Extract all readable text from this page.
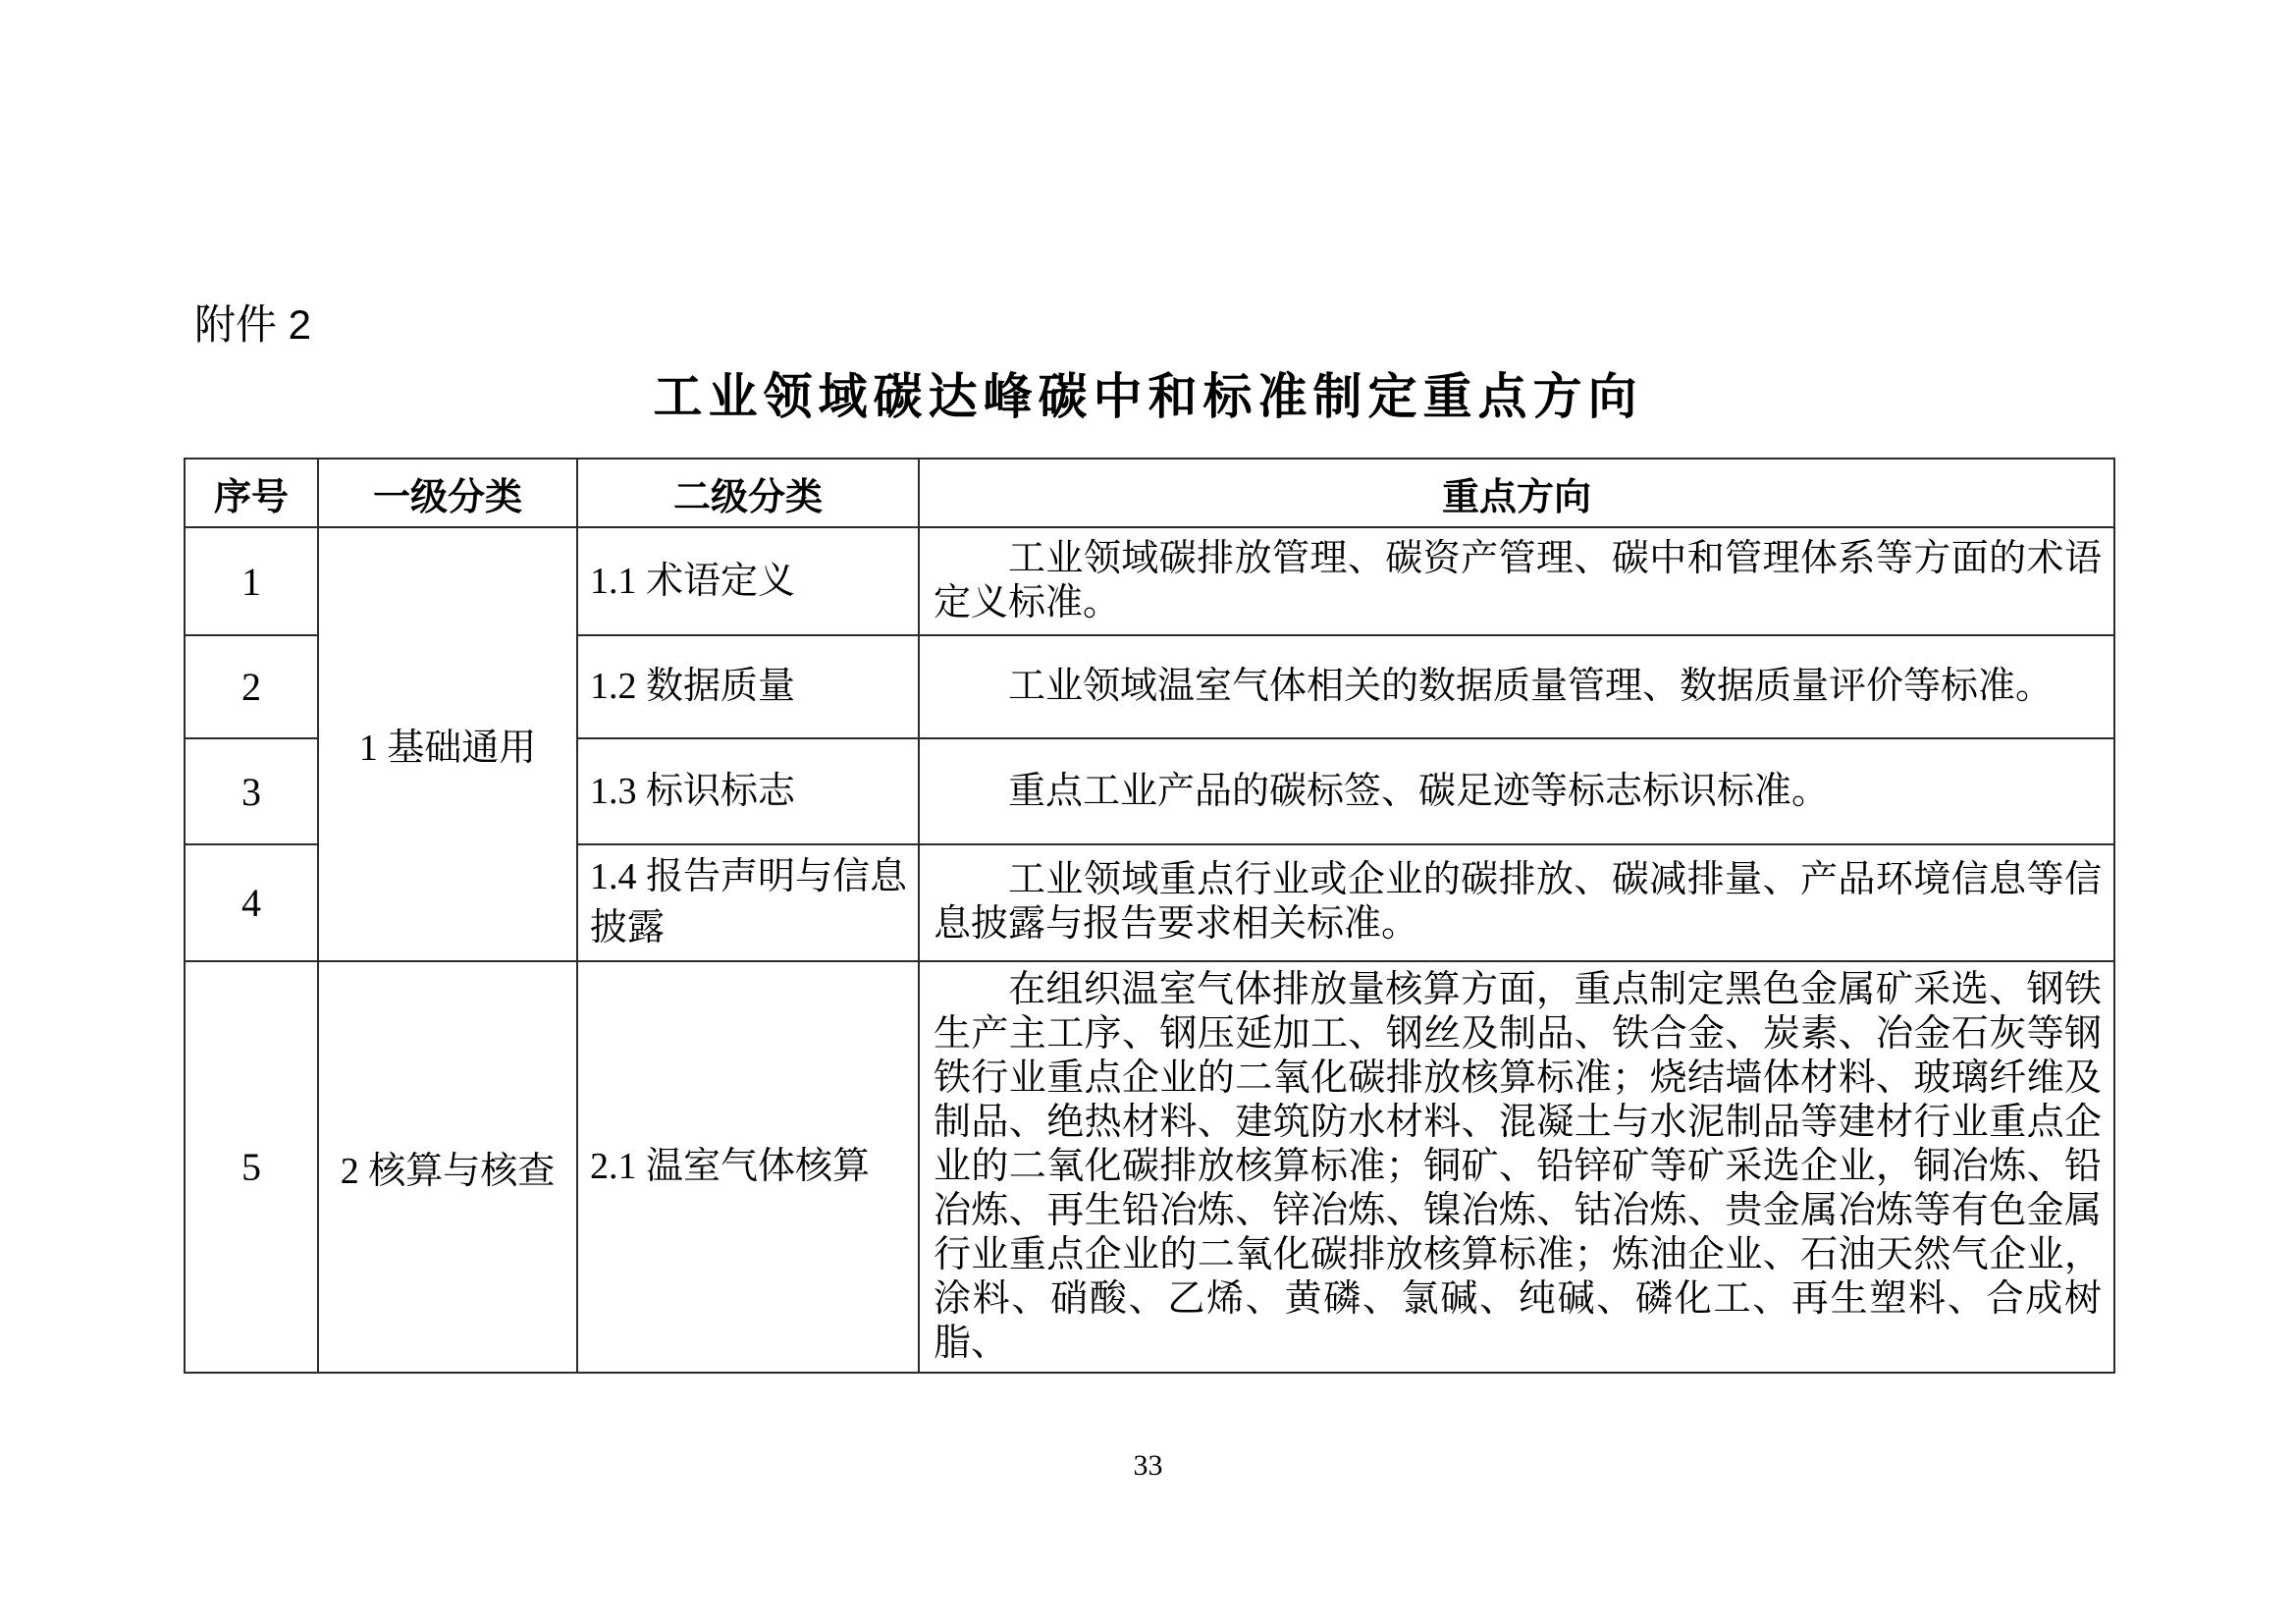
附件 2
工业领域碳达峰碳中和标准制定重点方向
序号	一级分类	二级分类	重点方向
1	1 基础通用	1.1 术语定义	工业领域碳排放管理、碳资产管理、碳中和管理体系等方面的术语定义标准。

2		1.2 数据质量	工业领域温室气体相关的数据质量管理、数据质量评价等标准。

3		1.3 标识标志	重点工业产品的碳标签、碳足迹等标志标识标准。

4		1.4 报告声明与信息披露	工业领域重点行业或企业的碳排放、碳减排量、产品环境信息等信息披露与报告要求相关标准。

5	2 核算与核查	2.1 温室气体核算	在组织温室气体排放量核算方面，重点制定黑色金属矿采选、钢铁生产主工序、钢压延加工、钢丝及制品、铁合金、炭素、冶金石灰等钢铁行业重点企业的二氧化碳排放核算标准；烧结墙体材料、玻璃纤维及制品、绝热材料、建筑防水材料、混凝土与水泥制品等建材行业重点企业的二氧化碳排放核算标准；铜矿、铅锌矿等矿采选企业，铜冶炼、铅冶炼、再生铅冶炼、锌冶炼、镍冶炼、钴冶炼、贵金属冶炼等有色金属行业重点企业的二氧化碳排放核算标准；炼油企业、石油天然气企业，涂料、硝酸、乙烯、黄磷、氯碱、纯碱、磷化工、再生塑料、合成树脂、

33
